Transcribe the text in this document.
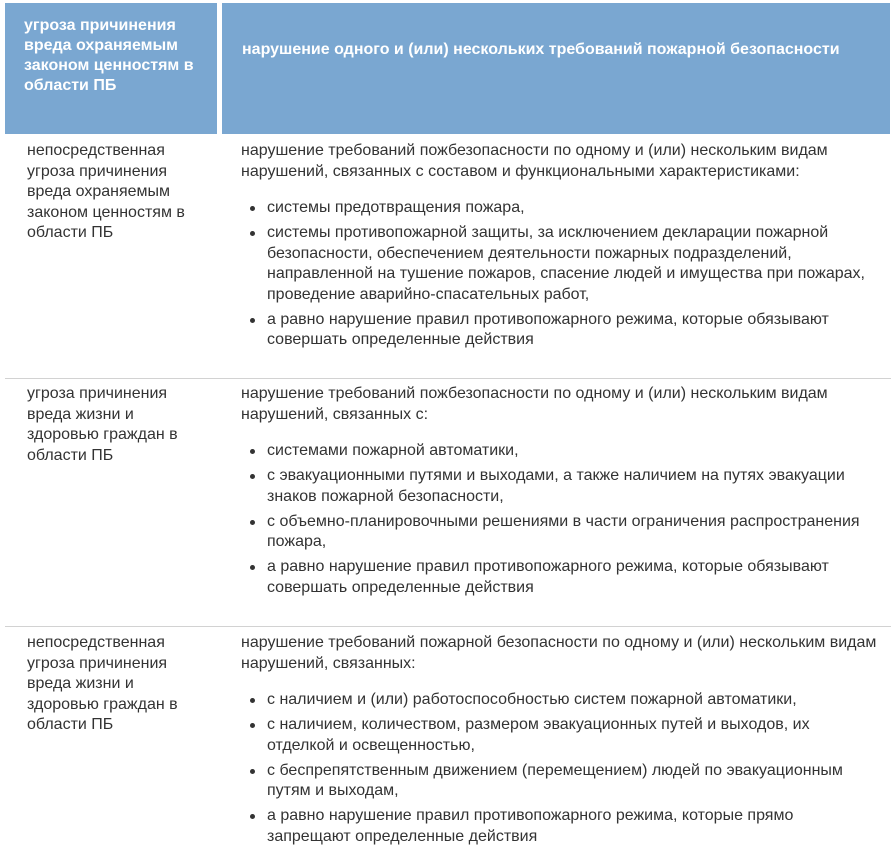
угроза причинения вреда охраняемым законом ценностям в области ПБ
нарушение одного и (или) нескольких требований пожарной безопасности
непосредственная угроза причинения вреда охраняемым законом ценностям в области ПБ

нарушение требований пожбезопасности по одному и (или) нескольким видам нарушений, связанных с составом и функциональными характеристиками:

системы предотвращения пожара,
системы противопожарной защиты, за исключением декларации пожарной безопасности, обеспечением деятельности пожарных подразделений, направленной на тушение пожаров, спасение людей и имущества при пожарах, проведение аварийно-спасательных работ,
а равно нарушение правил противопожарного режима, которые обязывают совершать определенные действия
угроза причинения вреда жизни и здоровью граждан в области ПБ

нарушение требований пожбезопасности по одному и (или) нескольким видам нарушений, связанных с:

системами пожарной автоматики,
с эвакуационными путями и выходами, а также наличием на путях эвакуации знаков пожарной безопасности,
с объемно-планировочными решениями в части ограничения распространения пожара,
а равно нарушение правил противопожарного режима, которые обязывают совершать определенные действия
непосредственная угроза причинения вреда жизни и здоровью граждан в области ПБ

нарушение требований пожарной безопасности по одному и (или) нескольким видам нарушений, связанных:

с наличием и (или) работоспособностью систем пожарной автоматики,
с наличием, количеством, размером эвакуационных путей и выходов, их отделкой и освещенностью,
с беспрепятственным движением (перемещением) людей по эвакуационным путям и выходам,
а равно нарушение правил противопожарного режима, которые прямо запрещают определенные действия
